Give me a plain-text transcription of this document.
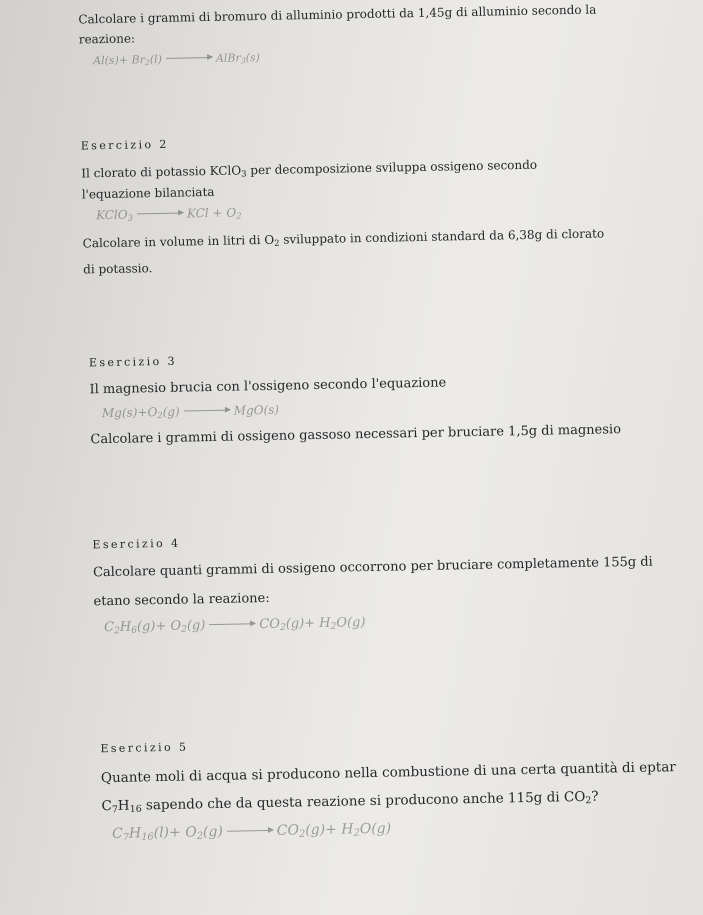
Calcolare i grammi di bromuro di alluminio prodotti da 1,45g di alluminio secondo la
reazione:
$Al(s)+ Br_2(l)$	AlBr$_3$(s)
Esercizio 2
Il clorato di potassio KClO$_3$ per decomposizione sviluppa ossigeno secondo
l'equazione bilanciata
KClO$_3$	KCl + $O_2$
Calcolare in volume in litri di $O_2$ sviluppato in condizioni standard da 6,38g di clorato
di potassio.
Esercizio 3
Il magnesio brucia con l'ossigeno secondo l'equazione
$Mg(s)+O_2(g)$	MgO(s)
Calcolare i grammi di ossigeno gassoso necessari per bruciare 1,5g di magnesio
Esercizio 4
Calcolare quanti grammi di ossigeno occorrono per bruciare completamente 155g di
etano secondo la reazione:
$C_2H_6(g)+ O_2(g)$	$CO_2(g)+ H_2O(g)$
Esercizio 5
Quante moli di acqua si producono nella combustione di una certa quantità di eptar
$C_7H_{16}$ sapendo che da questa reazione si producono anche 115g di $CO_2$?
$C_7H_{16}(l)+ O_2(g)$	$CO_2(g)+ H_2O(g)$
